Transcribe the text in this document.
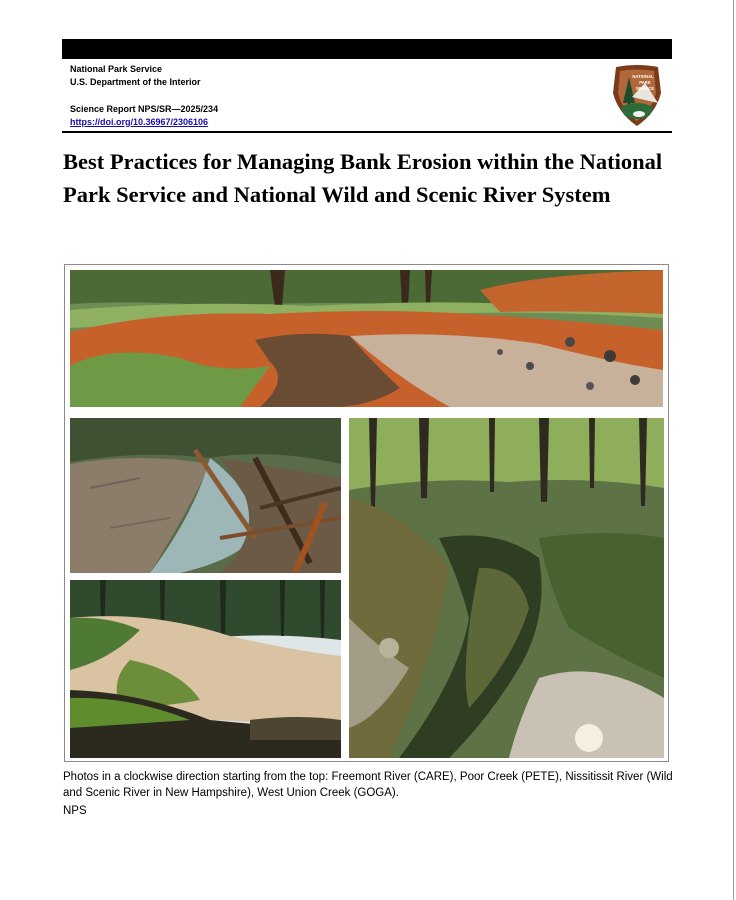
National Park Service
U.S. Department of the Interior
Science Report NPS/SR—2025/234
https://doi.org/10.36967/2306106
NATIONAL
PARK
SERVICE
Best Practices for Managing Bank Erosion within the National Park Service and National Wild and Scenic River System
Photos in a clockwise direction starting from the top: Freemont River (CARE), Poor Creek (PETE), Nissitissit River (Wild and Scenic River in New Hampshire), West Union Creek (GOGA).
NPS
